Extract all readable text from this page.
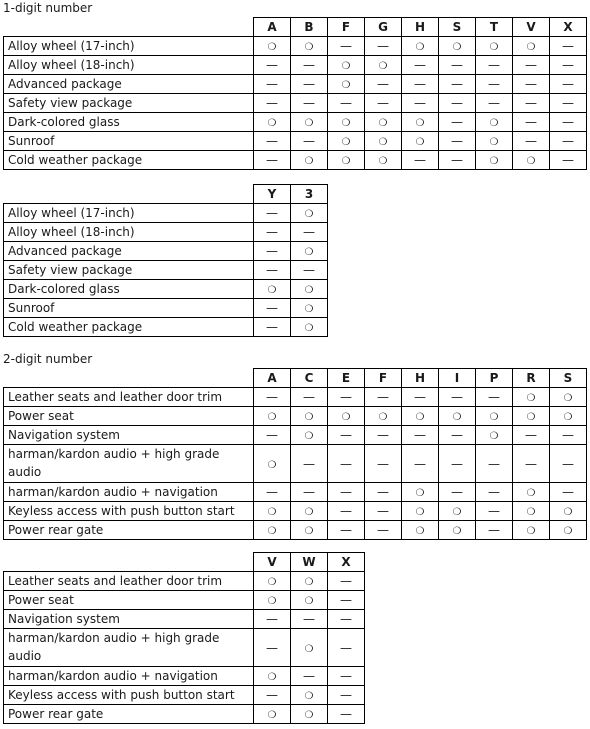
1-digit number
	A	B	F	G	H	S	T	V	X
Alloy wheel (17-inch)	❍	❍	—	—	❍	❍	❍	❍	—
Alloy wheel (18-inch)	—	—	❍	❍	—	—	—	—	—
Advanced package	—	—	❍	—	—	—	—	—	—
Safety view package	—	—	—	—	—	—	—	—	—
Dark-colored glass	❍	❍	❍	❍	❍	—	❍	—	—
Sunroof	—	—	❍	❍	❍	—	❍	—	—
Cold weather package	—	❍	❍	❍	—	—	❍	❍	—
	Y	3
Alloy wheel (17-inch)	—	❍
Alloy wheel (18-inch)	—	—
Advanced package	—	❍
Safety view package	—	—
Dark-colored glass	❍	❍
Sunroof	—	❍
Cold weather package	—	❍
2-digit number
	A	C	E	F	H	I	P	R	S
Leather seats and leather door trim	—	—	—	—	—	—	—	❍	❍
Power seat	❍	❍	❍	❍	❍	❍	❍	❍	❍
Navigation system	—	❍	—	—	—	—	❍	—	—
harman/kardon audio + high grade audio	❍	—	—	—	—	—	—	—	—
harman/kardon audio + navigation	—	—	—	—	❍	—	—	❍	—
Keyless access with push button start	❍	❍	—	—	❍	❍	—	❍	❍
Power rear gate	❍	❍	—	—	❍	❍	—	❍	❍
	V	W	X
Leather seats and leather door trim	❍	❍	—
Power seat	❍	❍	—
Navigation system	—	—	—
harman/kardon audio + high grade audio	—	❍	—
harman/kardon audio + navigation	❍	—	—
Keyless access with push button start	—	❍	—
Power rear gate	❍	❍	—
